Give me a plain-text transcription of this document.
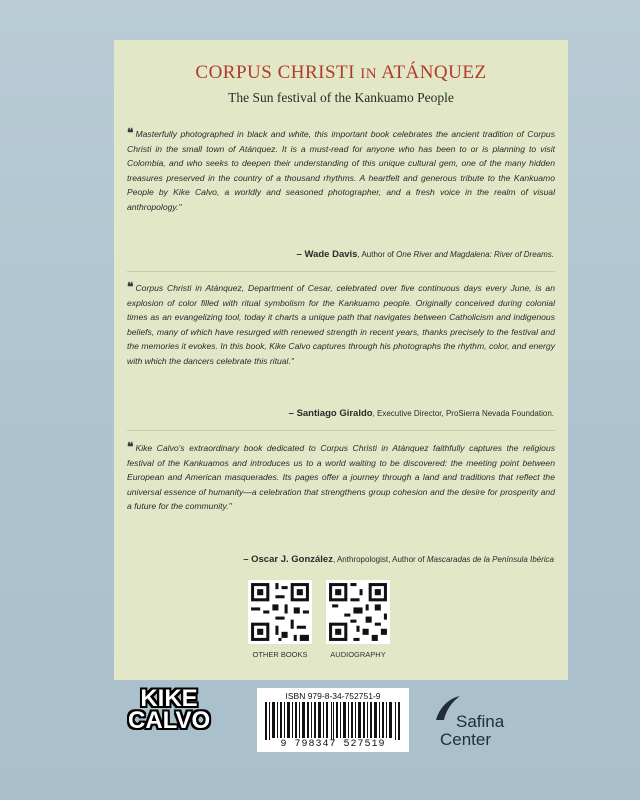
CORPUS CHRISTI IN ATÁNQUEZ
The Sun festival of the Kankuamo People
❝ Masterfully photographed in black and white, this important book celebrates the ancient tradition of Corpus Christi in the small town of Atánquez. It is a must-read for anyone who has been to or is planning to visit Colombia, and who seeks to deepen their understanding of this unique cultural gem, one of the many hidden treasures preserved in the country of a thousand rhythms. A heartfelt and generous tribute to the Kankuamo People by Kike Calvo, a worldly and seasoned photographer, and a fresh voice in the realm of visual anthropology."
– Wade Davis, Author of One River and Magdalena: River of Dreams.
❝ Corpus Christi in Atánquez, Department of Cesar, celebrated over five continuous days every June, is an explosion of color filled with ritual symbolism for the Kankuamo people. Originally conceived during colonial times as an evangelizing tool, today it charts a unique path that navigates between Catholicism and indigenous beliefs, many of which have resurged with renewed strength in recent years, thanks precisely to the festival and the memories it evokes. In this book, Kike Calvo captures through his photographs the rhythm, color, and energy with which the dancers celebrate this ritual."
– Santiago Giraldo, Executive Director, ProSierra Nevada Foundation.
❝ Kike Calvo's extraordinary book dedicated to Corpus Christi in Atánquez faithfully captures the religious festival of the Kankuamos and introduces us to a world waiting to be discovered: the meeting point between European and American masquerades. Its pages offer a journey through a land and traditions that reflect the universal essence of humanity—a celebration that strengthens group cohesion and the desire for prosperity and a future for the community."
– Oscar J. González, Anthropologist, Author of Mascaradas de la Península Ibérica
OTHER BOOKS	AUDIOGRAPHY
KIKE
CALVO
ISBN 979-8-34-752751-9
9 798347 527519
Safina
Center
